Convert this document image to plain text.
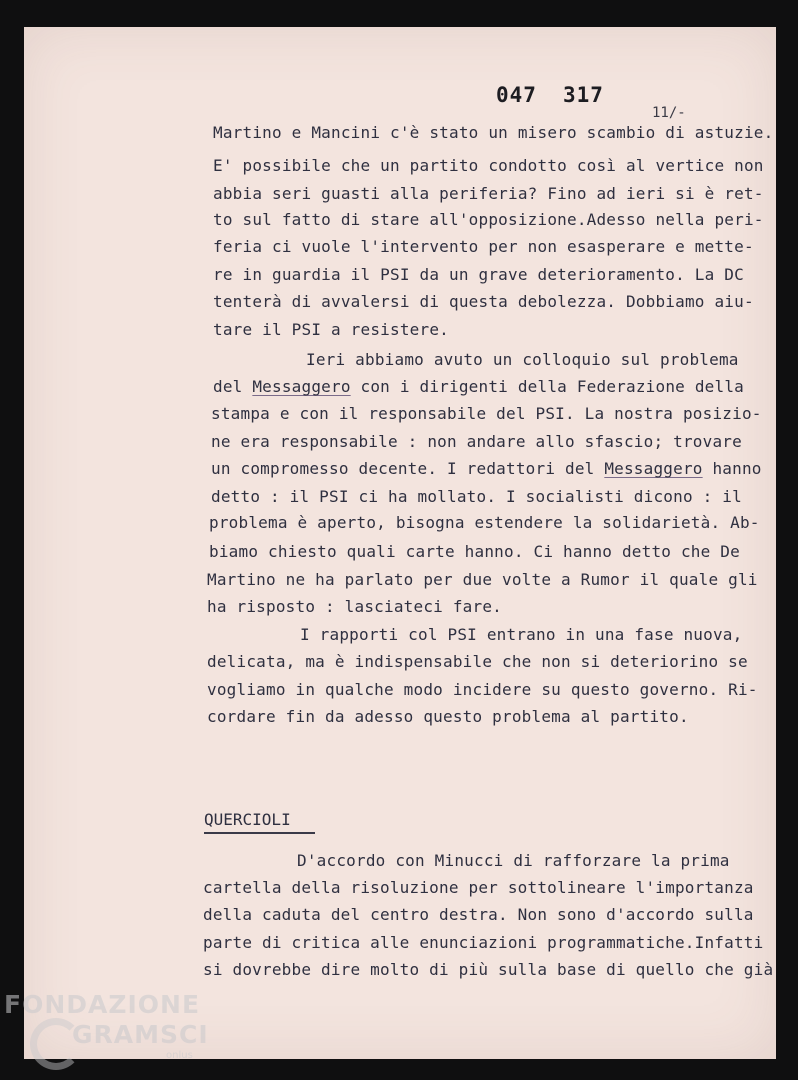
047 317
11/-
Martino e Mancini c'è stato un misero scambio di astuzie.
E' possibile che un partito condotto così al vertice non
abbia seri guasti alla periferia? Fino ad ieri si è ret-
to sul fatto di stare all'opposizione.Adesso nella peri-
feria ci vuole l'intervento per non esasperare e mette-
re in guardia il PSI da un grave deterioramento. La DC
tenterà di avvalersi di questa debolezza. Dobbiamo aiu-
tare il PSI a resistere.
Ieri abbiamo avuto un colloquio sul problema
del Messaggero con i dirigenti della Federazione della
stampa e con il responsabile del PSI. La nostra posizio-
ne era responsabile : non andare allo sfascio; trovare
un compromesso decente. I redattori del Messaggero hanno
detto : il PSI ci ha mollato. I socialisti dicono : il
problema è aperto, bisogna estendere la solidarietà. Ab-
biamo chiesto quali carte hanno. Ci hanno detto che De
Martino ne ha parlato per due volte a Rumor il quale gli
ha risposto : lasciateci fare.
I rapporti col PSI entrano in una fase nuova,
delicata, ma è indispensabile che non si deteriorino se
vogliamo in qualche modo incidere su questo governo. Ri-
cordare fin da adesso questo problema al partito.
QUERCIOLI
D'accordo con Minucci di rafforzare la prima
cartella della risoluzione per sottolineare l'importanza
della caduta del centro destra. Non sono d'accordo sulla
parte di critica alle enunciazioni programmatiche.Infatti
si dovrebbe dire molto di più sulla base di quello che già
FONDAZIONE
GRAMSCI
onlus
